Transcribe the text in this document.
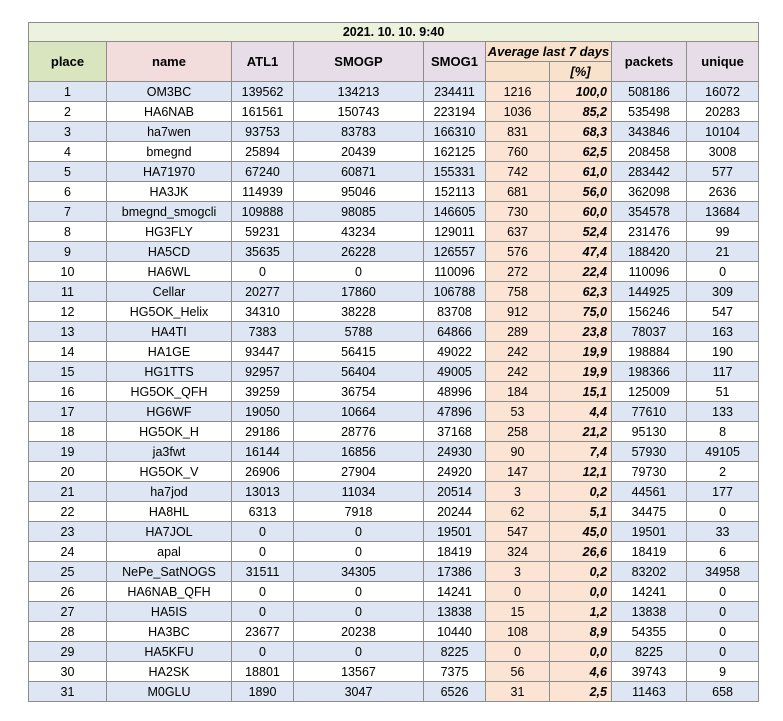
2021. 10. 10. 9:40								
place	name	ATL1	SMOGP	SMOG1	Average last 7 days		packets	unique
						[%]		
1	OM3BC	139562	134213	234411	1216	100,0	508186	16072
2	HA6NAB	161561	150743	223194	1036	85,2	535498	20283
3	ha7wen	93753	83783	166310	831	68,3	343846	10104
4	bmegnd	25894	20439	162125	760	62,5	208458	3008
5	HA71970	67240	60871	155331	742	61,0	283442	577
6	HA3JK	114939	95046	152113	681	56,0	362098	2636
7	bmegnd_smogcli	109888	98085	146605	730	60,0	354578	13684
8	HG3FLY	59231	43234	129011	637	52,4	231476	99
9	HA5CD	35635	26228	126557	576	47,4	188420	21
10	HA6WL	0	0	110096	272	22,4	110096	0
11	Cellar	20277	17860	106788	758	62,3	144925	309
12	HG5OK_Helix	34310	38228	83708	912	75,0	156246	547
13	HA4TI	7383	5788	64866	289	23,8	78037	163
14	HA1GE	93447	56415	49022	242	19,9	198884	190
15	HG1TTS	92957	56404	49005	242	19,9	198366	117
16	HG5OK_QFH	39259	36754	48996	184	15,1	125009	51
17	HG6WF	19050	10664	47896	53	4,4	77610	133
18	HG5OK_H	29186	28776	37168	258	21,2	95130	8
19	ja3fwt	16144	16856	24930	90	7,4	57930	49105
20	HG5OK_V	26906	27904	24920	147	12,1	79730	2
21	ha7jod	13013	11034	20514	3	0,2	44561	177
22	HA8HL	6313	7918	20244	62	5,1	34475	0
23	HA7JOL	0	0	19501	547	45,0	19501	33
24	apal	0	0	18419	324	26,6	18419	6
25	NePe_SatNOGS	31511	34305	17386	3	0,2	83202	34958
26	HA6NAB_QFH	0	0	14241	0	0,0	14241	0
27	HA5IS	0	0	13838	15	1,2	13838	0
28	HA3BC	23677	20238	10440	108	8,9	54355	0
29	HA5KFU	0	0	8225	0	0,0	8225	0
30	HA2SK	18801	13567	7375	56	4,6	39743	9
31	M0GLU	1890	3047	6526	31	2,5	11463	658
